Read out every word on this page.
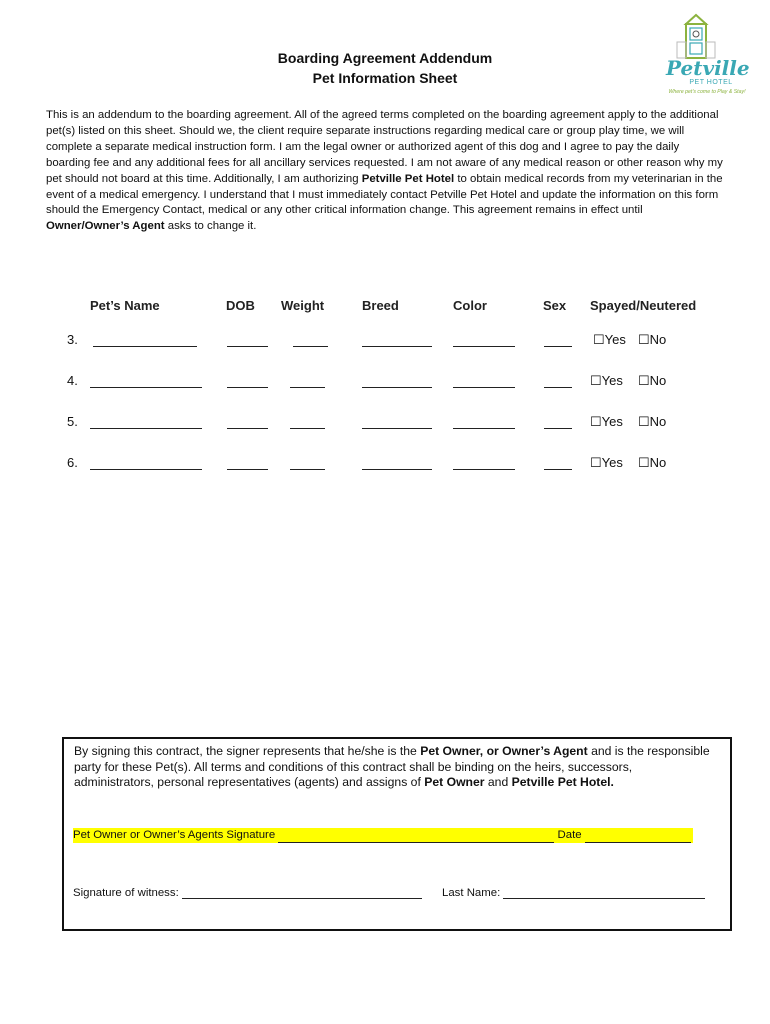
Boarding Agreement Addendum
Pet Information Sheet	Petville
PET HOTEL
Where pet's come to Play & Stay!
This is an addendum to the boarding agreement. All of the agreed terms completed on the boarding agreement apply to the additional pet(s) listed on this sheet. Should we, the client require separate instructions regarding medical care or group play time, we will complete a separate medical instruction form. I am the legal owner or authorized agent of this dog and I agree to pay the daily boarding fee and any additional fees for all ancillary services requested. I am not aware of any medical reason or other reason why my pet should not board at this time. Additionally, I am authorizing Petville Pet Hotel to obtain medical records from my veterinarian in the event of a medical emergency. I understand that I must immediately contact Petville Pet Hotel and update the information on this form should the Emergency Contact, medical or any other critical information change. This agreement remains in effect until Owner/Owner’s Agent asks to change it.
Pet’s Name	DOB Weight	Breed	Color	Sex Spayed/Neutered
3.	☐Yes ☐No
4.	☐Yes ☐No
5.	☐Yes ☐No
6.	☐Yes ☐No
By signing this contract, the signer represents that he/she is the Pet Owner, or Owner’s Agent and is the responsible party for these Pet(s). All terms and conditions of this contract shall be binding on the heirs, successors, administrators, personal representatives (agents) and assigns of Pet Owner and Petville Pet Hotel.
Pet Owner or Owner’s Agents Signature	Date
Signature of witness:	Last Name:
